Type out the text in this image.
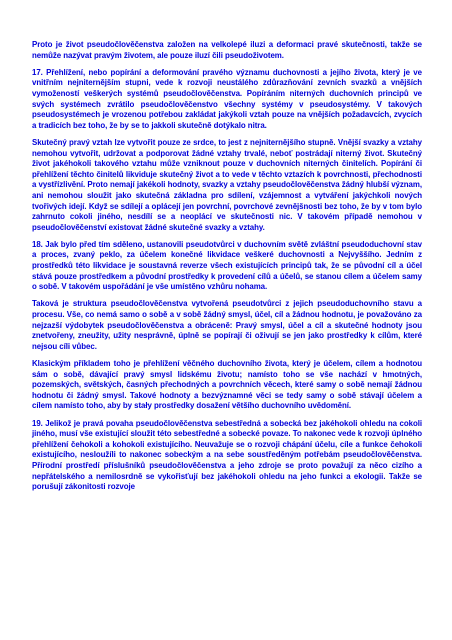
Proto je život pseudočlověčenstva založen na velkolepé iluzi a deformaci pravé skutečnosti, takže se nemůže nazývat pravým životem, ale pouze iluzí čili pseudoživotem.

17. Přehlížení, nebo popírání a deformování pravého významu duchovnosti a jejího života, který je ve vnitřním nejniternějším stupni, vede k rozvoji neustálého zdůrazňování zevních svazků a vnějších vymožeností veškerých systémů pseudočlověčenstva. Popíráním niterných duchovních principů ve svých systémech zvrátilo pseudočlověčenstvo všechny systémy v pseudosystémy. V takových pseudosystémech je vrozenou potřebou zakládat jakýkoli vztah pouze na vnějších požadavcích, zvycích a tradicích bez toho, že by se to jakkoli skutečně dotýkalo nitra.

Skutečný pravý vztah lze vytvořit pouze ze srdce, to jest z nejniternějšího stupně. Vnější svazky a vztahy nemohou vytvořit, udržovat a podporovat žádné vztahy trvalé, neboť postrádají niterný život. Skutečný život jakéhokoli takového vztahu může vzniknout pouze v duchovních niterných činitelích. Popírání či přehlížení těchto činitelů likviduje skutečný život a to vede v těchto vztazích k povrchnosti, přechodnosti a vystřízlivění. Proto nemají jakékoli hodnoty, svazky a vztahy pseudočlověčenstva žádný hlubší význam, ani nemohou sloužit jako skutečná základna pro sdílení, vzájemnost a vytváření jakýchkoli nových tvořivých idejí. Když se sdílejí a oplácejí jen povrchní, povrchové zevnějšnosti bez toho, že by v tom bylo zahrnuto cokoli jiného, nesdílí se a neoplácí ve skutečnosti nic. V takovém případě nemohou v pseudočlověčenství existovat žádné skutečné svazky a vztahy.

18. Jak bylo před tím sděleno, ustanovili pseudotvůrci v duchovním světě zvláštní pseudoduchovní stav a proces, zvaný peklo, za účelem konečné likvidace veškeré duchovnosti a Nejvyššího. Jedním z prostředků této likvidace je soustavná reverze všech existujících principů tak, že se původní cíl a účel stává pouze prostředkem a původní prostředky k provedení cílů a účelů, se stanou cílem a účelem samy o sobě. V takovém uspořádání je vše umístěno vzhůru nohama.

Taková je struktura pseudočlověčenstva vytvořená pseudotvůrci z jejich pseudoduchovního stavu a procesu. Vše, co nemá samo o sobě a v sobě žádný smysl, účel, cíl a žádnou hodnotu, je považováno za nejzazší výdobytek pseudočlověčenstva a obráceně: Pravý smysl, účel a cíl a skutečné hodnoty jsou znetvořeny, zneužity, užity nesprávně, úplně se popírají či oživují se jen jako prostředky k cílům, které nejsou cíli vůbec.

Klasickým příkladem toho je přehlížení věčného duchovního života, který je účelem, cílem a hodnotou sám o sobě, dávající pravý smysl lidskému životu; namísto toho se vše nachází v hmotných, pozemských, světských, časných přechodných a povrchních věcech, které samy o sobě nemají žádnou hodnotu či žádný smysl. Takové hodnoty a bezvýznamné věci se tedy samy o sobě stávají účelem a cílem namísto toho, aby by stały prostředky dosažení většího duchovního uvědomění.

19. Jelikož je pravá povaha pseudočlověčenstva sebestředná a sobecká bez jakéhokoli ohledu na cokoli jiného, musí vše existující sloužit této sebestředné a sobecké povaze. To nakonec vede k rozvoji úplného přehlížení čehokoli a kohokoli existujícího. Neuvažuje se o rozvoji chápání účelu, cíle a funkce čehokoli existujícího, nesloužíli to nakonec sobeckým a na sebe soustředěným potřebám pseudočlověčenstva. Přírodní prostředí příslušníků pseudočlověčenstva a jeho zdroje se proto považují za něco cizího a nepřátelského a nemilosrdně se vykořisťují bez jakéhokoli ohledu na jeho funkci a ekologii. Takže se porušují zákonitosti rozvoje
